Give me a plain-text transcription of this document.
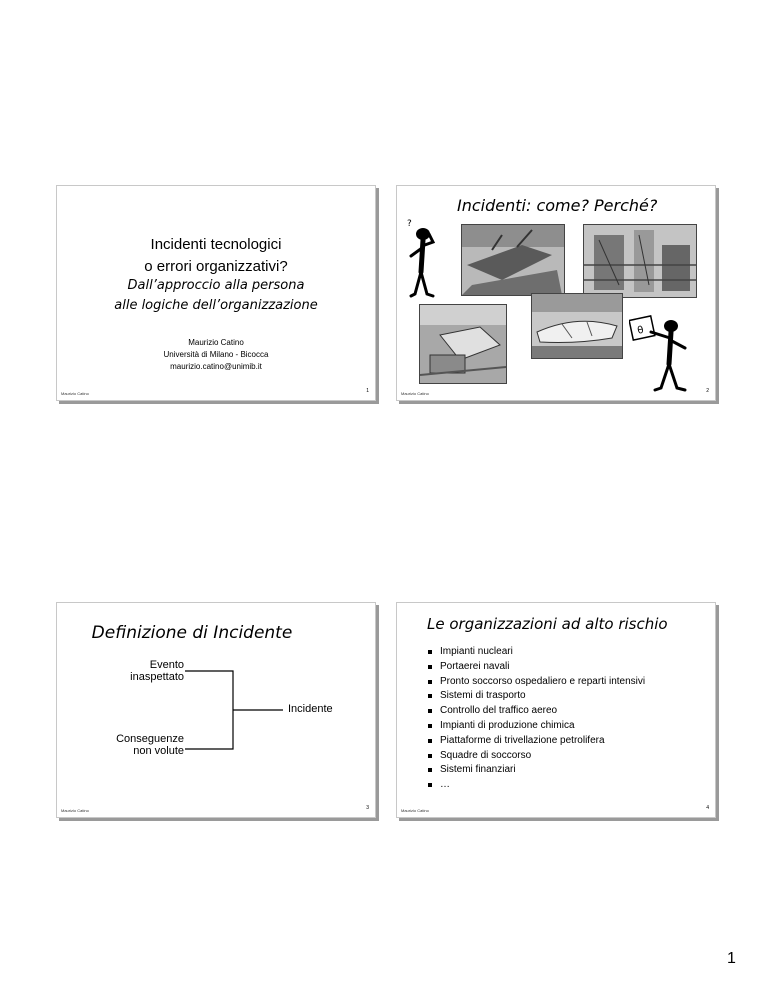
Incidenti tecnologici
o errori organizzativi?
Dall’approccio alla persona
alle logiche dell’organizzazione
Maurizio Catino
Università di Milano - Bicocca
maurizio.catino@unimib.it
Maurizio Catino	1
Incidenti: come? Perché?
?
θ
Maurizio Catino	2
Definizione di Incidente
Evento
inaspettato
Conseguenze
non volute
Incidente
Maurizio Catino	3
Le organizzazioni ad alto rischio
Impianti nucleari
Portaerei navali
Pronto soccorso ospedaliero e reparti intensivi
Sistemi di trasporto
Controllo del traffico aereo
Impianti di produzione chimica
Piattaforme di trivellazione petrolifera
Squadre di soccorso
Sistemi finanziari
…
Maurizio Catino	4
1
